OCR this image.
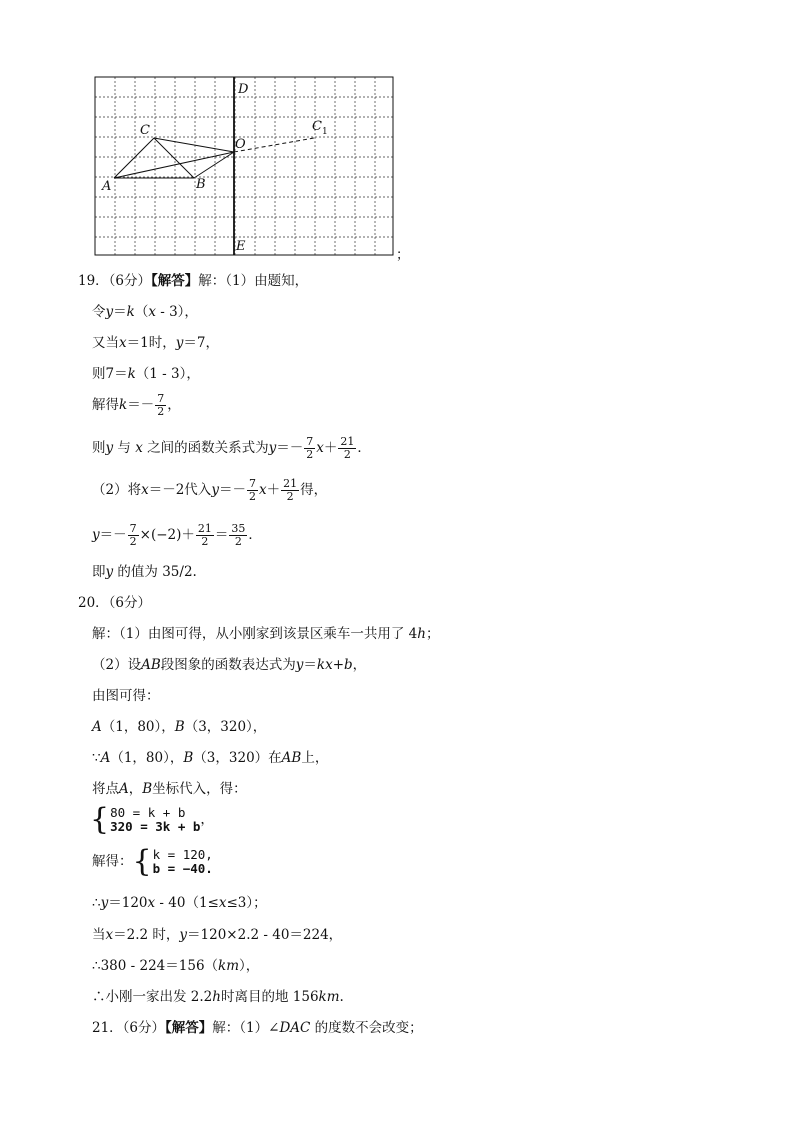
D
C
O
C 1
A	B
E
；
19．（6分）【解答】解：（1）由题知，
令y＝k（x - 3），
又当x＝1时，y＝7，
则7＝k（1 - 3），
解得$k=- \frac{7}{2}$ ，
则y 与 x 之间的函数关系式为$y=- \frac{7}{2} x+ \frac{21}{2}$ ．
（2）将x＝－2代入$y=- \frac{7}{2} x+ \frac{21}{2}$ 得，
$y=- \frac{7}{2} \times(-2)+ \frac{21}{2} = \frac{35}{2}$ ．
即y 的值为 35/2.
20．（6分）
解：（1）由图可得，从小刚家到该景区乘车一共用了 4h；
（2）设AB段图象的函数表达式为y＝kx+b，
由图可得：
A（1，80），B（3，320），
∵A（1，80），B（3，320）在AB上，
将点A，B坐标代入，得：
{ 80 = k + b
320 = 3k + b ，
解得：{ k = 120,
b = −40.
∴y＝120x - 40（1≤x≤3）；
当x＝2.2 时，y＝120×2.2 - 40＝224，
∴380 - 224＝156（km），
∴小刚一家出发 2.2h时离目的地 156km.
21．（6分）【解答】解：（1）∠DAC 的度数不会改变；
